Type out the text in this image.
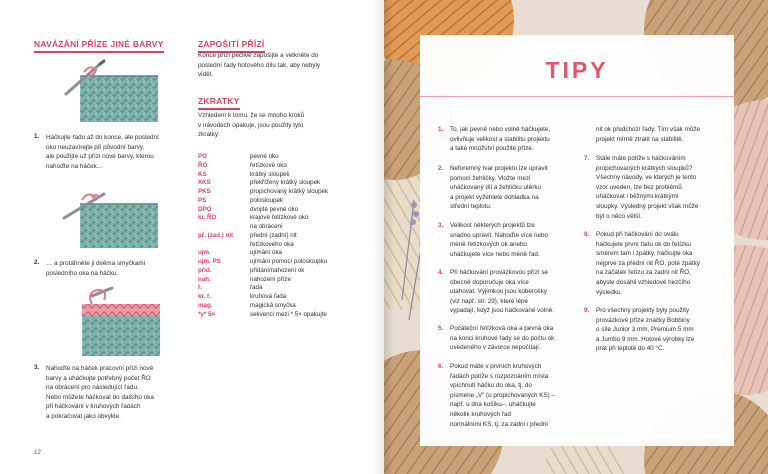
NAVÁZÁNÍ PŘÍZE JINÉ BARVY
1. Háčkujte řadu až do konce, ale poslední
oko neuzavírejte při původní barvy,
ale použijte už přízi nové barvy, kterou
nahoďte na háček…
2. … a protáhněte ji dvěma smyčkami
posledního oka na háčku.
3. Nahoďte na háček pracovní přízi nové
barvy a uháčkujte potřebný počet ŘO
na obrácení pro následující řadu.
Nebo můžete háčkovat do dalšího oka
při háčkování v kruhových řadách
a pokračovat jako obvykle.
ZAPOŠITÍ PŘÍZÍ
Konce přízí pečlivě zapošijte a vetkněte do
poslední řady hotového dílu tak, aby nebyly
vidět.
ZKRATKY
Vzhledem k tomu, že se mnoho kroků
v návodech opakuje, jsou použity tyto
zkratky:
PO	pevné oko
ŘO	řetízkové oko
KS	krátký sloupek
XKS	překřížený krátký sloupek
PKS	propichovaný krátký sloupek
PS	polosloupek
DPO	dvojité pevné oko
kr. ŘO	krajové řetízkové oko
na obrácení
př. (zad.) nit	přední (zadní) nit
řetízkového oka
ujm.	ujímání oka
ujm. PS	ujímání pomocí polosloupku
přid.	přidání/nahození ok
nah.	nahození příze
ř.	řada
kr. ř.	kruhová řada
mag.	magická smyčka
*y* 5×	sekvenci mezi * 5× opakujte
12
TIPY
1. To, jak pevně nebo volně háčkujete,
ovlivňuje velikost a stabilitu projektu
a také množství použité příze.
2. Neforemný tvar projektu lze upravit
pomocí žehličky. Vložte mezi
uháčkovaný díl a žehličku utěrku
a projekt vyžehlete dohladka na
střední teplotu.
3. Velikost některých projektů lze
snadno upravit. Nahoďte více nebo
méně řetízkových ok anebo
uháčkujete více nebo méně řad.
4. Při háčkování provázkovou přízí se
obecně doporučuje oka více
utahovat. Výjimkou jsou kobercěky
(viz např. str. 29), které lépe
vypadají, když jsou háčkované volně.
5. Počáteční řetízková oka a pevná oka
na konci kruhové řady se do počtu ok
uvedeného v závorce nepočítají.
6. Pokud máte v prvních kruhových
řadách potíže s rozpoznáním místa
vpíchnutí háčku do oka, tj. do
písmene „V“ (u propichovaných KS) –
např. u dna košíku–, uháčkujte
několik kruhových řad
normálními KS, tj. za zadní i přední
nit ok předchozí řady. Tím však může
projekt mírně ztratit na stabilitě.
7. Stále máte potíže s háčkováním
propichovaných krátkých sloupků?
Všechny návody, ve kterých je tento
vzor uveden, lze bez problémů
uháčkovat i běžnými krátkými
sloupky. Výsledný projekt však může
být o něco větší.
8. Pokud při háčkování do oválu
háčkujete první řadu ok do řetízku
směrem tam i zpátky, háčkujte oka
nejprve za přední nit ŘO, poté zpátky
na začátek řetízu za zadní nit ŘO,
abyste dosáhli vzhledově hezčího
výsledku.
9. Pro všechny projekty byly použity
provázkové příze značky Bobbiny
o síle Junior 3 mm, Premium 5 mm
a Jumbo 9 mm. Hotové výrobky lze
prát při teplotě do 40 °C.
